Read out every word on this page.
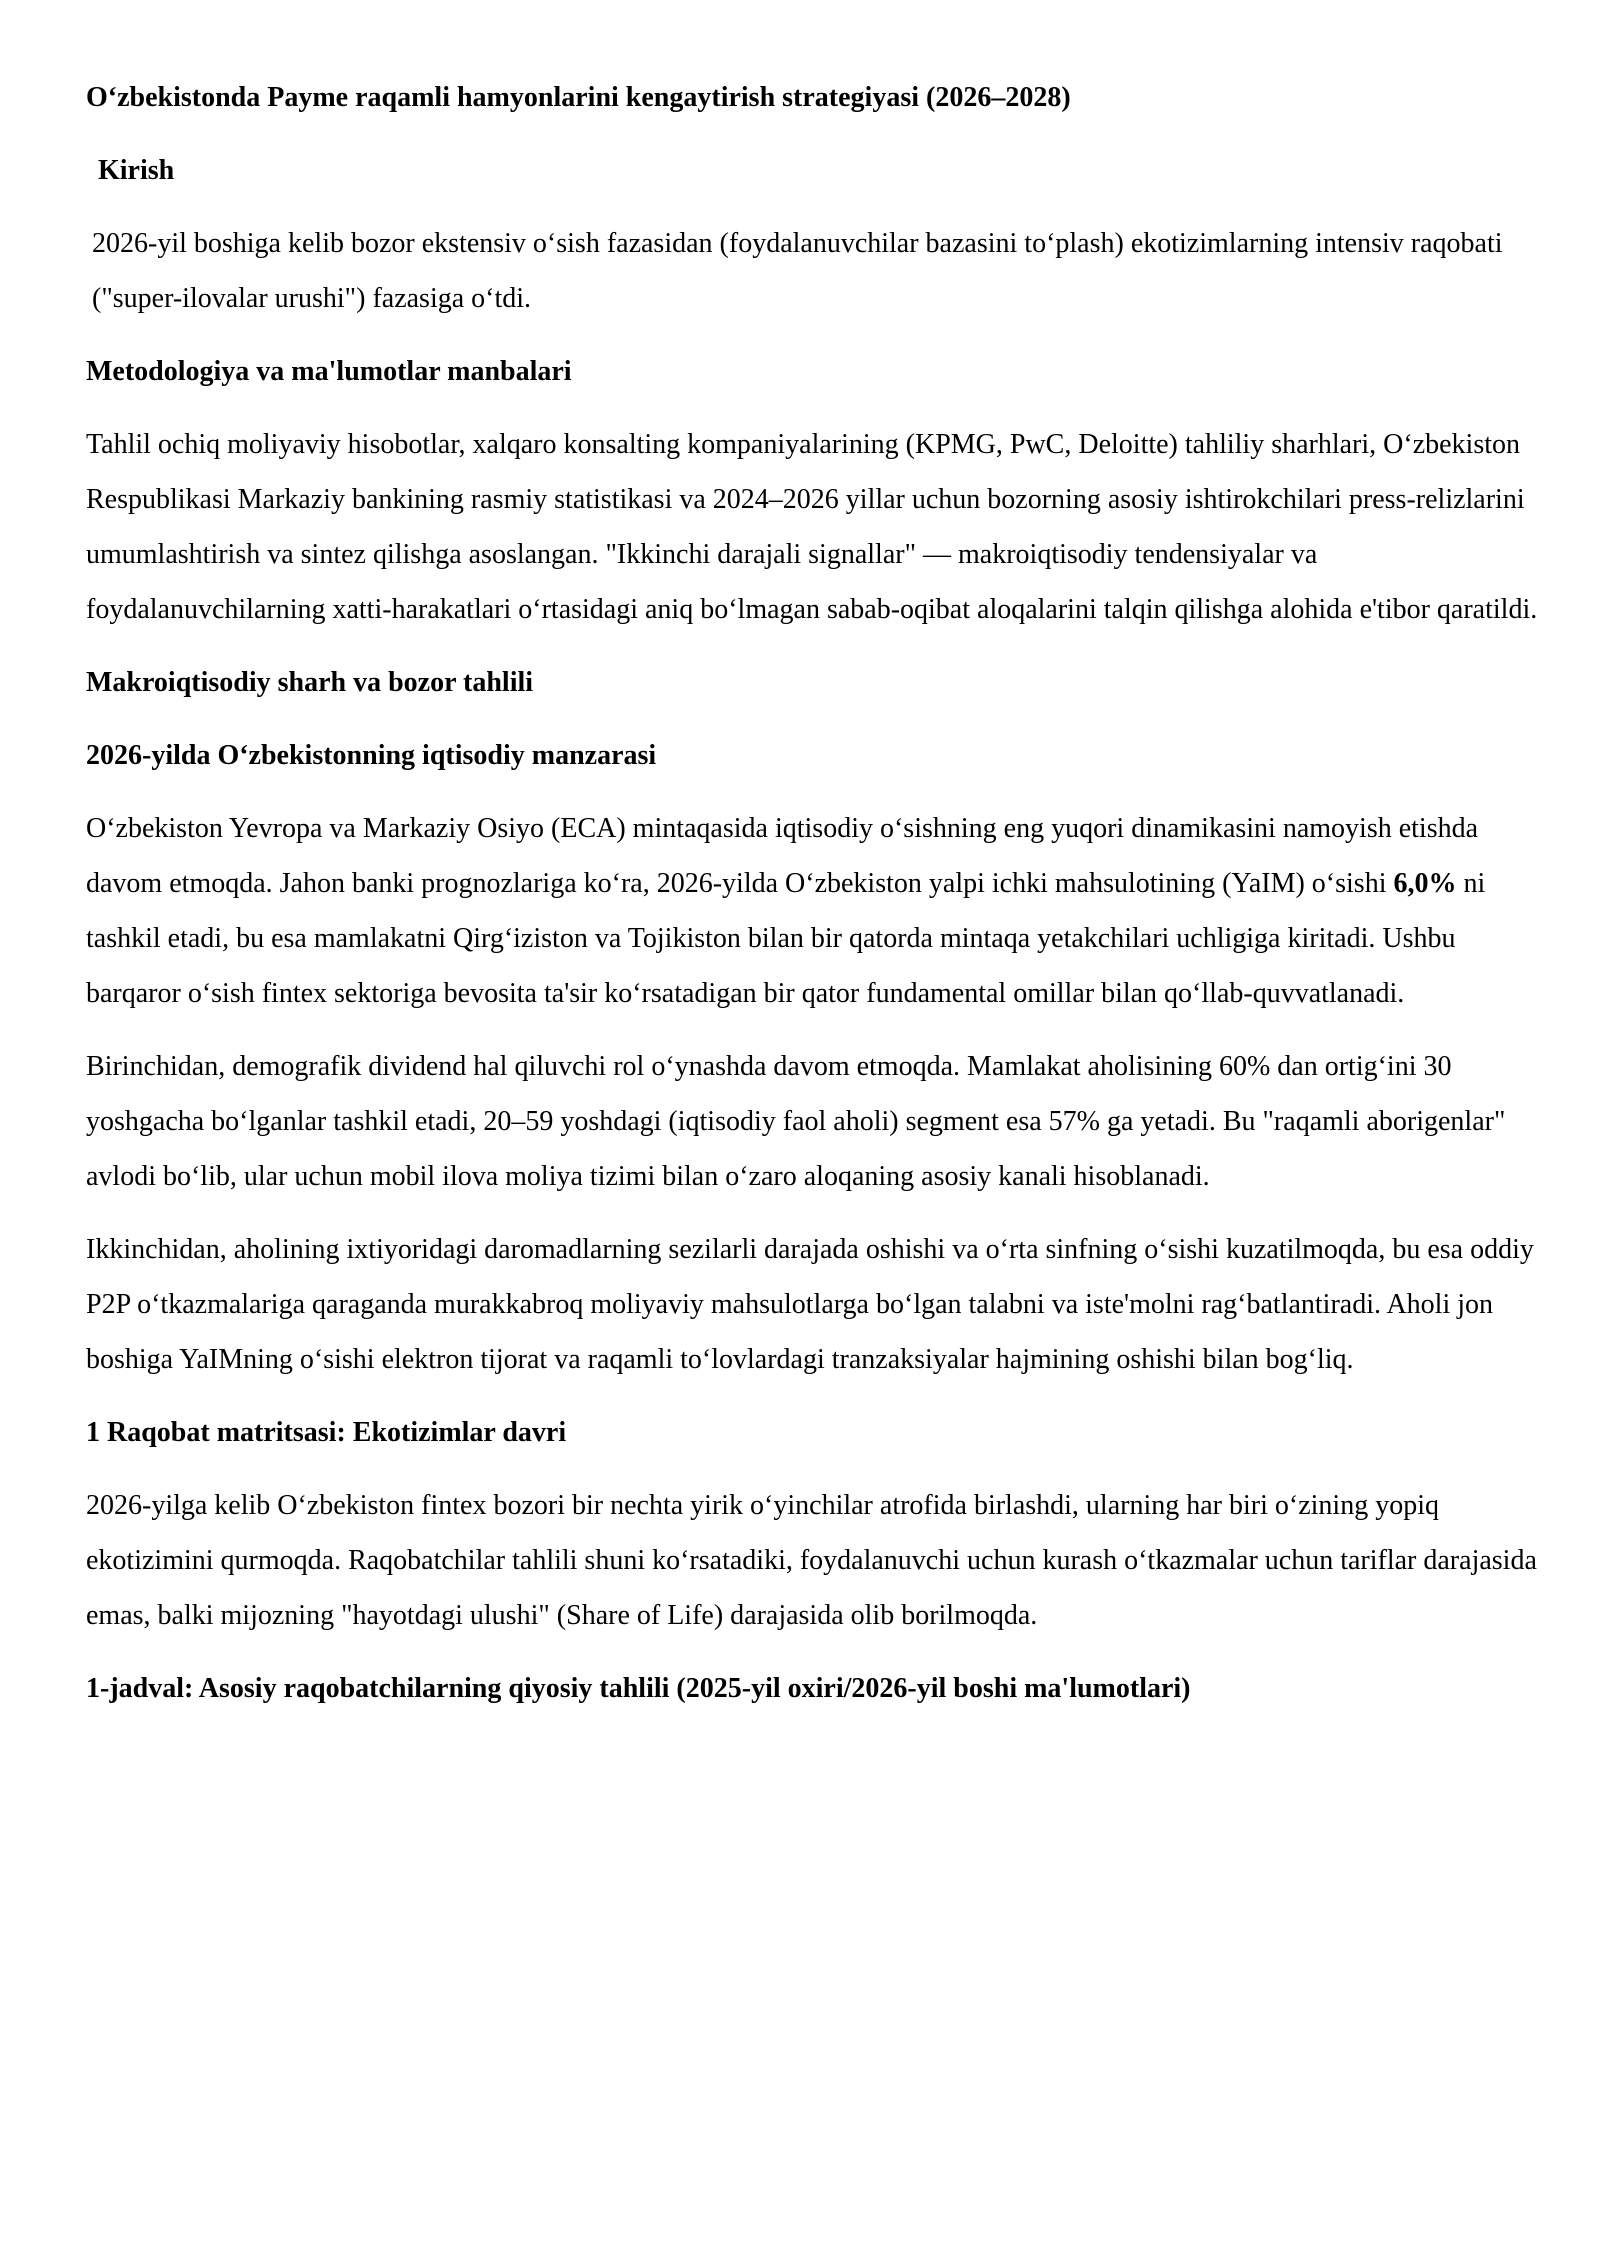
O‘zbekistonda Payme raqamli hamyonlarini kengaytirish strategiyasi (2026–2028)
Kirish
2026-yil boshiga kelib bozor ekstensiv o‘sish fazasidan (foydalanuvchilar bazasini to‘plash) ekotizimlarning intensiv raqobati ("super-ilovalar urushi") fazasiga o‘tdi.
Metodologiya va ma'lumotlar manbalari
Tahlil ochiq moliyaviy hisobotlar, xalqaro konsalting kompaniyalarining (KPMG, PwC, Deloitte) tahliliy sharhlari, O‘zbekiston Respublikasi Markaziy bankining rasmiy statistikasi va 2024–2026 yillar uchun bozorning asosiy ishtirokchilari press-relizlarini umumlashtirish va sintez qilishga asoslangan. "Ikkinchi darajali signallar" — makroiqtisodiy tendensiyalar va foydalanuvchilarning xatti-harakatlari o‘rtasidagi aniq bo‘lmagan sabab-oqibat aloqalarini talqin qilishga alohida e'tibor qaratildi.
Makroiqtisodiy sharh va bozor tahlili
2026-yilda O‘zbekistonning iqtisodiy manzarasi
O‘zbekiston Yevropa va Markaziy Osiyo (ECA) mintaqasida iqtisodiy o‘sishning eng yuqori dinamikasini namoyish etishda davom etmoqda. Jahon banki prognozlariga ko‘ra, 2026-yilda O‘zbekiston yalpi ichki mahsulotining (YaIM) o‘sishi 6,0% ni tashkil etadi, bu esa mamlakatni Qirg‘iziston va Tojikiston bilan bir qatorda mintaqa yetakchilari uchligiga kiritadi. Ushbu barqaror o‘sish fintex sektoriga bevosita ta'sir ko‘rsatadigan bir qator fundamental omillar bilan qo‘llab-quvvatlanadi.
Birinchidan, demografik dividend hal qiluvchi rol o‘ynashda davom etmoqda. Mamlakat aholisining 60% dan ortig‘ini 30 yoshgacha bo‘lganlar tashkil etadi, 20–59 yoshdagi (iqtisodiy faol aholi) segment esa 57% ga yetadi. Bu "raqamli aborigenlar" avlodi bo‘lib, ular uchun mobil ilova moliya tizimi bilan o‘zaro aloqaning asosiy kanali hisoblanadi.
Ikkinchidan, aholining ixtiyoridagi daromadlarning sezilarli darajada oshishi va o‘rta sinfning o‘sishi kuzatilmoqda, bu esa oddiy P2P o‘tkazmalariga qaraganda murakkabroq moliyaviy mahsulotlarga bo‘lgan talabni va iste'molni rag‘batlantiradi. Aholi jon boshiga YaIMning o‘sishi elektron tijorat va raqamli to‘lovlardagi tranzaksiyalar hajmining oshishi bilan bog‘liq.
1 Raqobat matritsasi: Ekotizimlar davri
2026-yilga kelib O‘zbekiston fintex bozori bir nechta yirik o‘yinchilar atrofida birlashdi, ularning har biri o‘zining yopiq ekotizimini qurmoqda. Raqobatchilar tahlili shuni ko‘rsatadiki, foydalanuvchi uchun kurash o‘tkazmalar uchun tariflar darajasida emas, balki mijozning "hayotdagi ulushi" (Share of Life) darajasida olib borilmoqda.
1-jadval: Asosiy raqobatchilarning qiyosiy tahlili (2025-yil oxiri/2026-yil boshi ma'lumotlari)
